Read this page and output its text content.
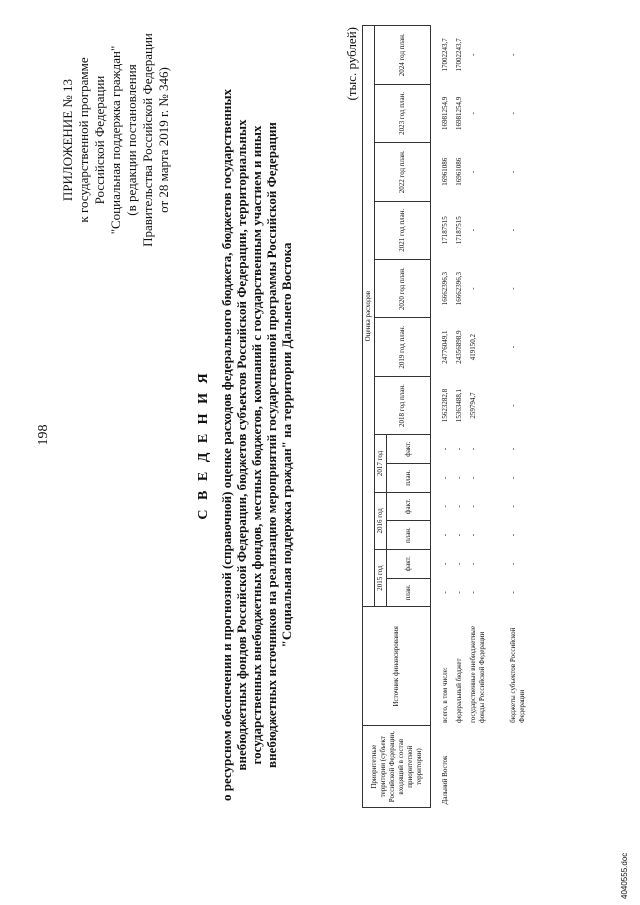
198
ПРИЛОЖЕНИЕ № 13 к государственной программе Российской Федерации "Социальная поддержка граждан" (в редакции постановления Правительства Российской Федерации от 28 марта 2019 г. № 346)
С В Е Д Е Н И Я о ресурсном обеспечении и прогнозной (справочной) оценке расходов федерального бюджета, бюджетов государственных внебюджетных фондов Российской Федерации, бюджетов субъектов Российской Федерации, территориальных государственных внебюджетных фондов, местных бюджетов, компаний с государственным участием и иных внебюджетных источников на реализацию мероприятий государственной программы Российской Федерации "Социальная поддержка граждан" на территории Дальнего Востока
(тыс. рублей)
Приоритетные территории (субъект Российской Федерации, входящий в состав приоритетной территории)	Источник финансирования	Оценка расходов												
		2015 год		2016 год		2017 год		2018 год план.	2019 год план.	2020 год план.	2021 год план.	2022 год план.	2023 год план.	2024 год план.
		план.	факт.	план.	факт.	план.	факт.							

Дальний Восток	всего, в том числе:	-	-	-	-	-	-	15623282,8	24776049,1	16662396,3	17187515	16961086	16981254,9	17002243,7
	федеральный бюджет	-	-	-	-	-	-	15363488,1	24356898,9	16662396,3	17187515	16961086	16981254,9	17002243,7
	государственные внебюджетные фонды Российской Федерации	-	-	-	-	-	-	259794,7	419150,2	-	-	-	-	-
	бюджеты субъектов Российской Федерации	-	-	-	-	-	-	-	-	-	-	-	-	-
4040555.doc
